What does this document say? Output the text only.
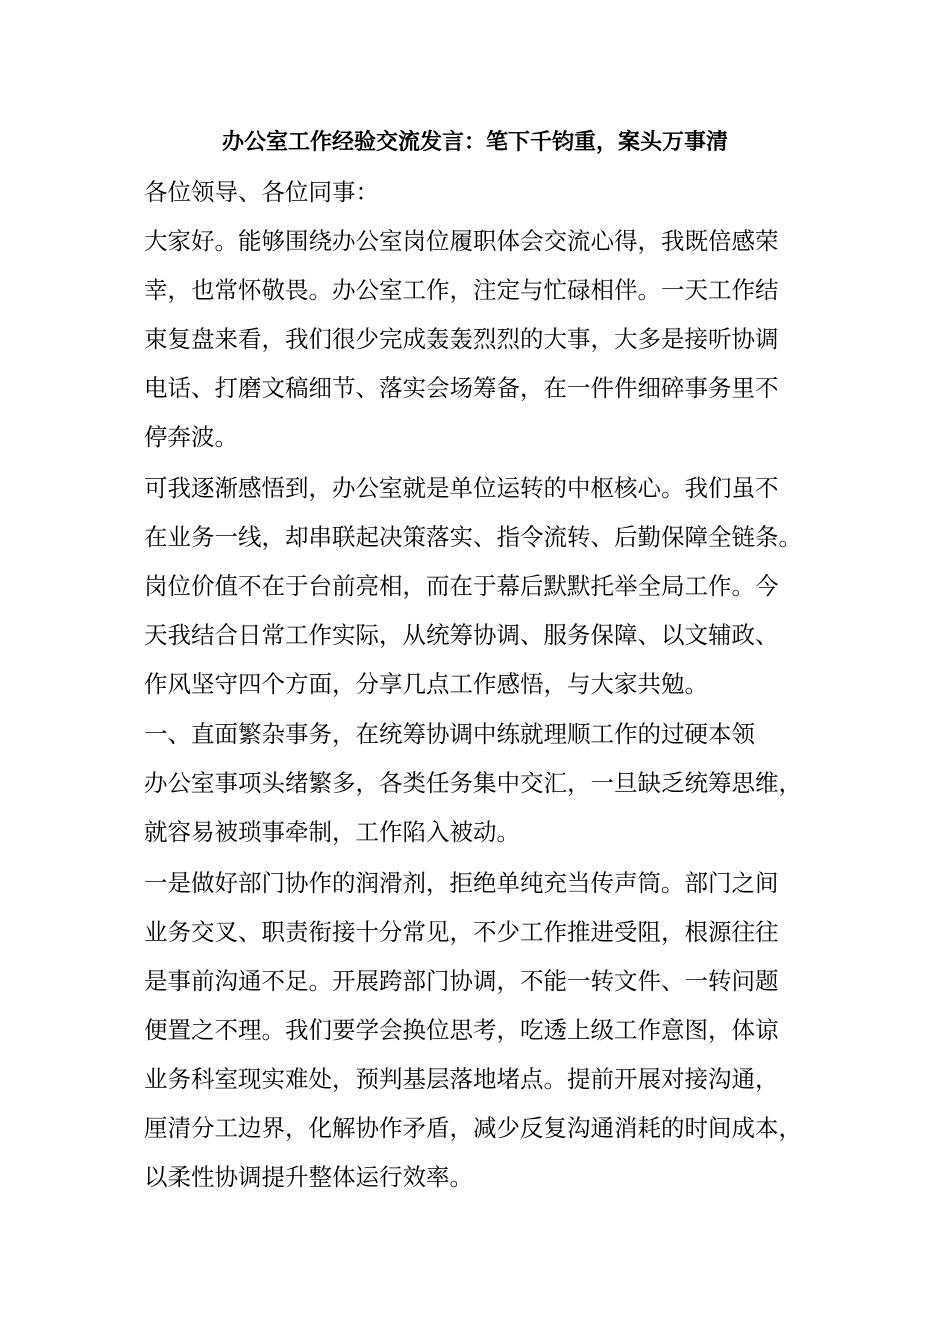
办公室工作经验交流发言：笔下千钧重，案头万事清
各位领导、各位同事：
大家好。能够围绕办公室岗位履职体会交流心得，我既倍感荣
幸，也常怀敬畏。办公室工作，注定与忙碌相伴。一天工作结
束复盘来看，我们很少完成轰轰烈烈的大事，大多是接听协调
电话、打磨文稿细节、落实会场筹备，在一件件细碎事务里不
停奔波。
可我逐渐感悟到，办公室就是单位运转的中枢核心。我们虽不
在业务一线，却串联起决策落实、指令流转、后勤保障全链条。
岗位价值不在于台前亮相，而在于幕后默默托举全局工作。今
天我结合日常工作实际，从统筹协调、服务保障、以文辅政、
作风坚守四个方面，分享几点工作感悟，与大家共勉。
一、直面繁杂事务，在统筹协调中练就理顺工作的过硬本领
办公室事项头绪繁多，各类任务集中交汇，一旦缺乏统筹思维，
就容易被琐事牵制，工作陷入被动。
一是做好部门协作的润滑剂，拒绝单纯充当传声筒。部门之间
业务交叉、职责衔接十分常见，不少工作推进受阻，根源往往
是事前沟通不足。开展跨部门协调，不能一转文件、一转问题
便置之不理。我们要学会换位思考，吃透上级工作意图，体谅
业务科室现实难处，预判基层落地堵点。提前开展对接沟通，
厘清分工边界，化解协作矛盾，减少反复沟通消耗的时间成本，
以柔性协调提升整体运行效率。
